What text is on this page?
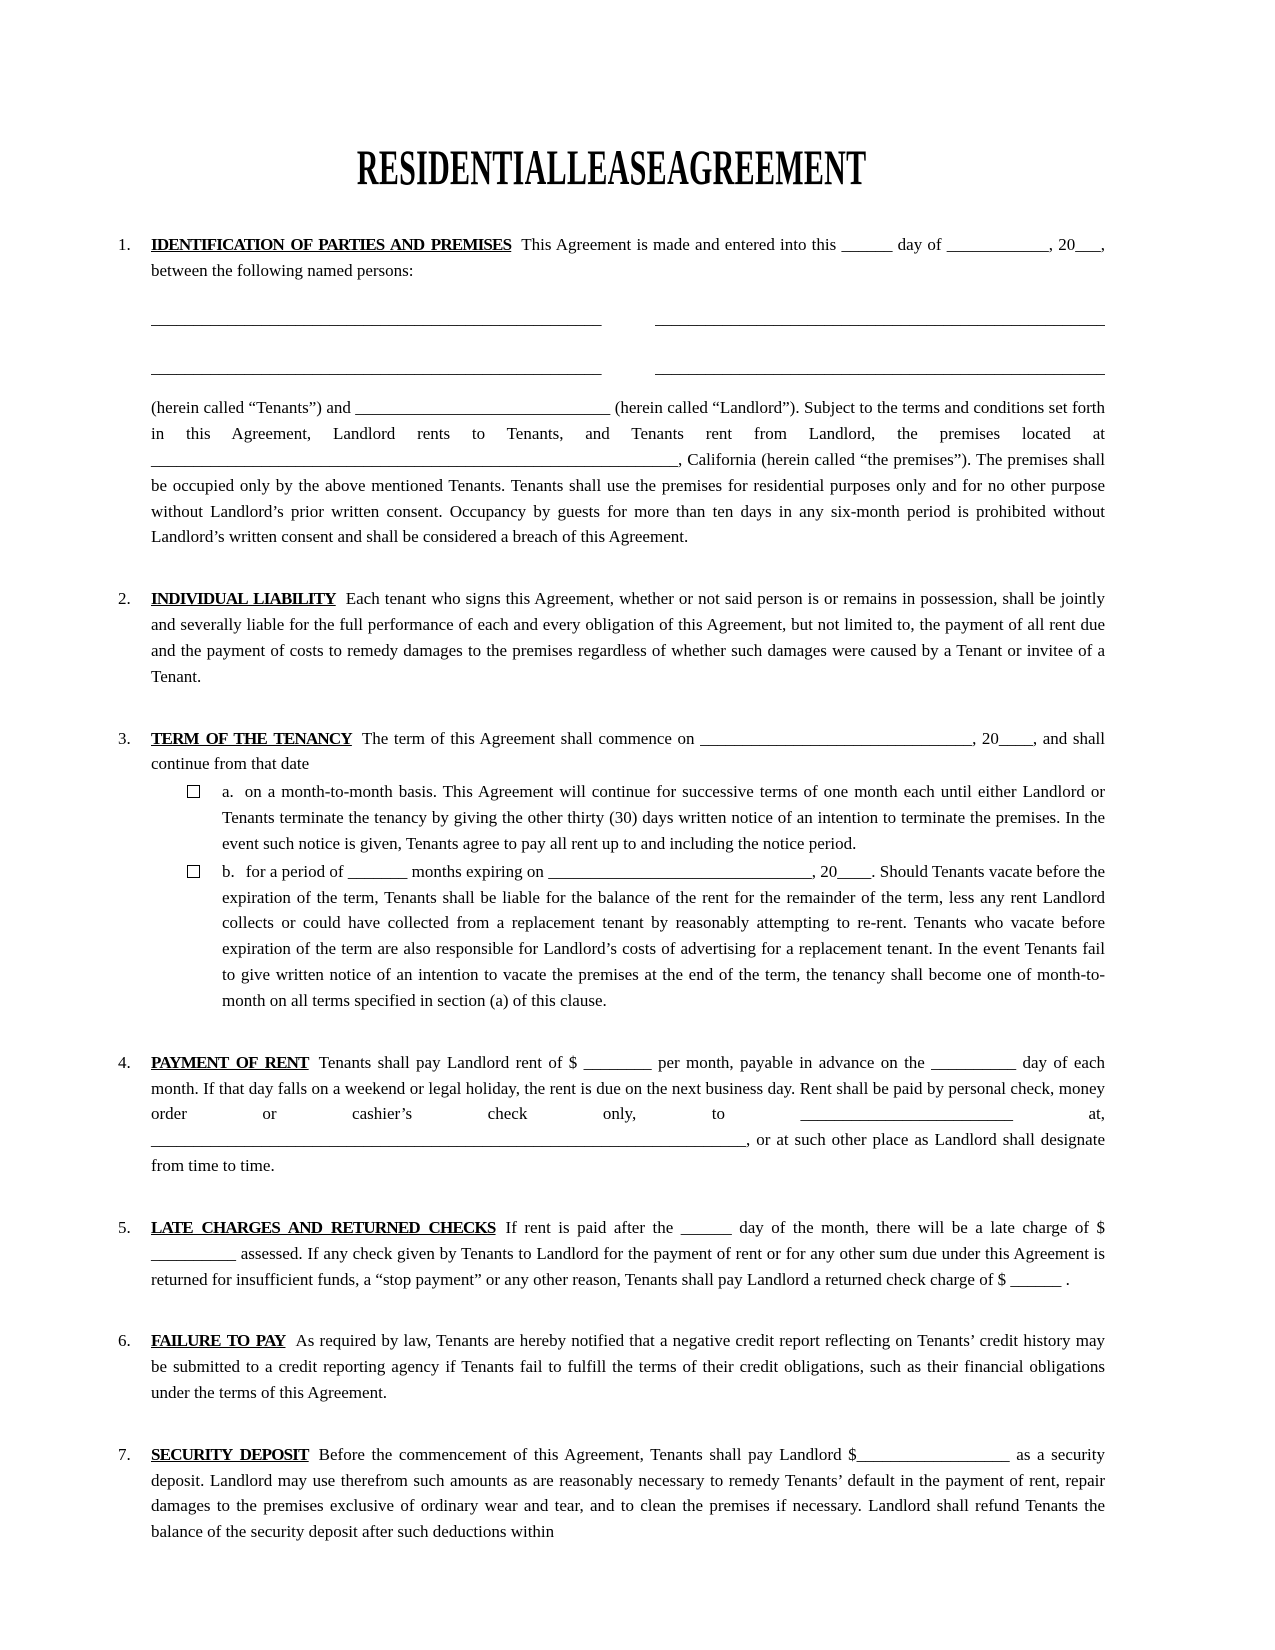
RESIDENTIAL LEASE AGREEMENT
1.	IDENTIFICATION OF PARTIES AND PREMISES This Agreement is made and entered into this ______ day of ____________, 20___, between the following named persons:

_____________________________________________________	_____________________________________________________
_____________________________________________________	_____________________________________________________

(herein called “Tenants”) and ______________________________ (herein called “Landlord”). Subject to the terms and conditions set forth in this Agreement, Landlord rents to Tenants, and Tenants rent from Landlord, the premises located at ______________________________________________________________, California (herein called “the premises”). The premises shall be occupied only by the above mentioned Tenants. Tenants shall use the premises for residential purposes only and for no other purpose without Landlord’s prior written consent. Occupancy by guests for more than ten days in any six-month period is prohibited without Landlord’s written consent and shall be considered a breach of this Agreement.

2.	INDIVIDUAL LIABILITY Each tenant who signs this Agreement, whether or not said person is or remains in possession, shall be jointly and severally liable for the full performance of each and every obligation of this Agreement, but not limited to, the payment of all rent due and the payment of costs to remedy damages to the premises regardless of whether such damages were caused by a Tenant or invitee of a Tenant.

3.	TERM OF THE TENANCY The term of this Agreement shall commence on ________________________________, 20____, and shall continue from that date

a. on a month-to-month basis. This Agreement will continue for successive terms of one month each until either Landlord or Tenants terminate the tenancy by giving the other thirty (30) days written notice of an intention to terminate the premises. In the event such notice is given, Tenants agree to pay all rent up to and including the notice period.
b. for a period of _______ months expiring on _______________________________, 20____. Should Tenants vacate before the expiration of the term, Tenants shall be liable for the balance of the rent for the remainder of the term, less any rent Landlord collects or could have collected from a replacement tenant by reasonably attempting to re-rent. Tenants who vacate before expiration of the term are also responsible for Landlord’s costs of advertising for a replacement tenant. In the event Tenants fail to give written notice of an intention to vacate the premises at the end of the term, the tenancy shall become one of month-to-month on all terms specified in section (a) of this clause.
4.	PAYMENT OF RENT Tenants shall pay Landlord rent of $ ________ per month, payable in advance on the __________ day of each month. If that day falls on a weekend or legal holiday, the rent is due on the next business day. Rent shall be paid by personal check, money order or cashier’s check only, to _________________________ at, ______________________________________________________________________, or at such other place as Landlord shall designate from time to time.

5.	LATE CHARGES AND RETURNED CHECKS If rent is paid after the ______ day of the month, there will be a late charge of $ __________ assessed. If any check given by Tenants to Landlord for the payment of rent or for any other sum due under this Agreement is returned for insufficient funds, a “stop payment” or any other reason, Tenants shall pay Landlord a returned check charge of $ ______ .

6.	FAILURE TO PAY As required by law, Tenants are hereby notified that a negative credit report reflecting on Tenants’ credit history may be submitted to a credit reporting agency if Tenants fail to fulfill the terms of their credit obligations, such as their financial obligations under the terms of this Agreement.

7.	SECURITY DEPOSIT Before the commencement of this Agreement, Tenants shall pay Landlord $__________________ as a security deposit. Landlord may use therefrom such amounts as are reasonably necessary to remedy Tenants’ default in the payment of rent, repair damages to the premises exclusive of ordinary wear and tear, and to clean the premises if necessary. Landlord shall refund Tenants the balance of the security deposit after such deductions within
